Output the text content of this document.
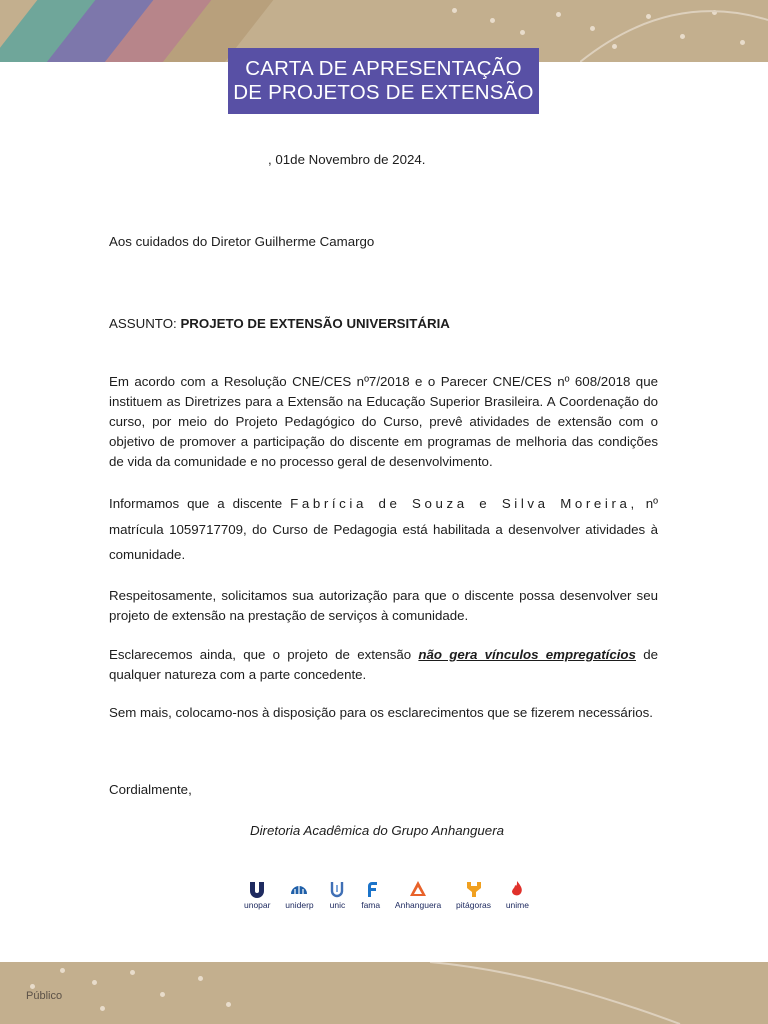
CARTA DE APRESENTAÇÃO
DE PROJETOS DE EXTENSÃO
, 01de Novembro de 2024.
Aos cuidados do Diretor Guilherme Camargo
ASSUNTO: PROJETO DE EXTENSÃO UNIVERSITÁRIA
Em acordo com a Resolução CNE/CES nº7/2018 e o Parecer CNE/CES nº 608/2018 que instituem as Diretrizes para a Extensão na Educação Superior Brasileira. A Coordenação do curso, por meio do Projeto Pedagógico do Curso, prevê atividades de extensão com o objetivo de promover a participação do discente em programas de melhoria das condições de vida da comunidade e no processo geral de desenvolvimento.
Informamos que a discente Fabrícia de Souza e Silva Moreira, nº matrícula 1059717709, do Curso de Pedagogia está habilitada a desenvolver atividades à comunidade.
Respeitosamente, solicitamos sua autorização para que o discente possa desenvolver seu projeto de extensão na prestação de serviços à comunidade.
Esclarecemos ainda, que o projeto de extensão não gera vínculos empregatícios de qualquer natureza com a parte concedente.
Sem mais, colocamo-nos à disposição para os esclarecimentos que se fizerem necessários.
Cordialmente,
Diretoria Acadêmica do Grupo Anhanguera
unopar uniderp unic fama Anhanguera pitágoras unime
Público
